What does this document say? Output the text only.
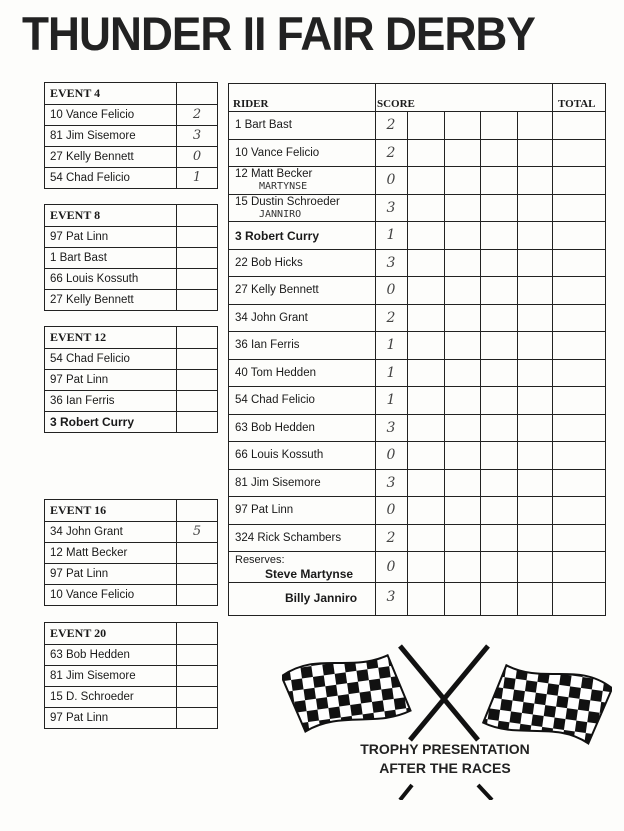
THUNDER II FAIR DERBY
EVENT 4
10 Vance Felicio	2
81 Jim Sisemore	3
27 Kelly Bennett	0
54 Chad Felicio	1
EVENT 8
97 Pat Linn
1 Bart Bast
66 Louis Kossuth
27 Kelly Bennett
EVENT 12
54 Chad Felicio
97 Pat Linn
36 Ian Ferris
3 Robert Curry
EVENT 16
34 John Grant	5
12 Matt Becker
97 Pat Linn
10 Vance Felicio
EVENT 20
63 Bob Hedden
81 Jim Sisemore
15 D. Schroeder
97 Pat Linn
RIDER	SCORE	TOTAL
1 Bart Bast	2
10 Vance Felicio	2
12 Matt Becker	0
MARTYNSE
15 Dustin Schroeder	3
JANNIRO
3 Robert Curry	1
22 Bob Hicks	3
27 Kelly Bennett	0
34 John Grant	2
36 Ian Ferris	1
40 Tom Hedden	1
54 Chad Felicio	1
63 Bob Hedden	3
66 Louis Kossuth	0
81 Jim Sisemore	3
97 Pat Linn	0
324 Rick Schambers	2
Reserves:
Steve Martynse	0
Billy Janniro	3
TROPHY PRESENTATION
AFTER THE RACES
